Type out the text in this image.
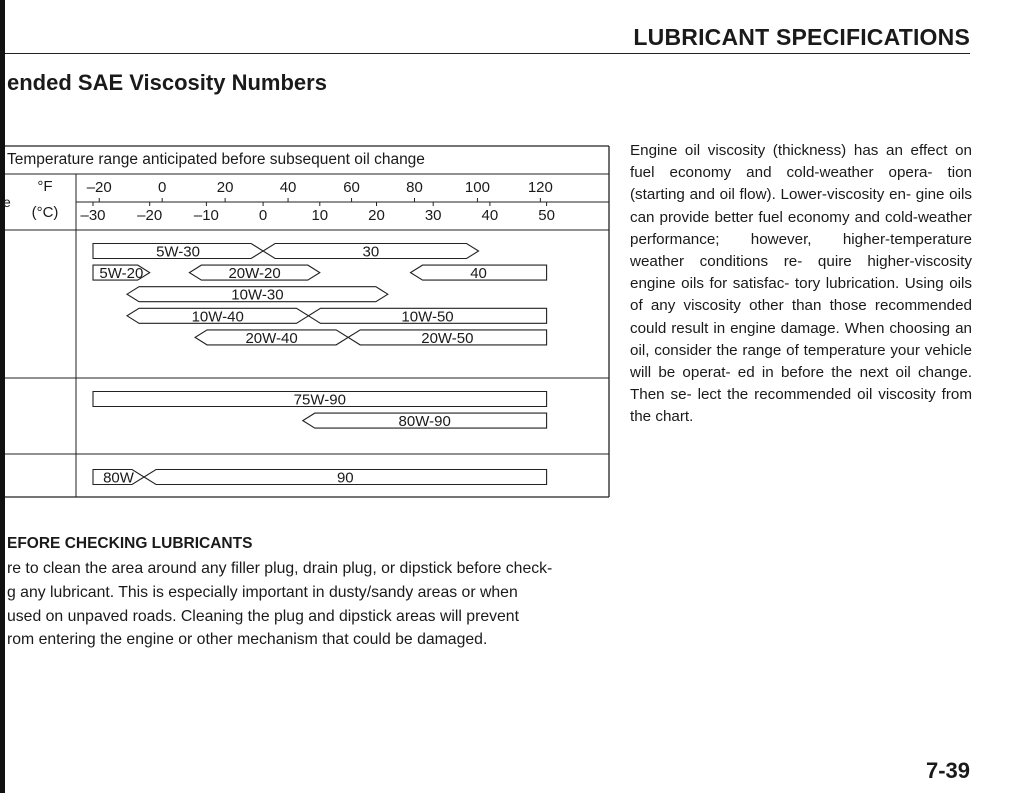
LUBRICANT SPECIFICATIONS
ended SAE Viscosity Numbers
Temperature range anticipated before subsequent oil change
e
°F
(°C)
–20	0	20	40	60	80	100	120
–30 –20 –10	0	10	20	30	40	50
5W-30	30
5W-20	20W-20	40
10W-30
10W-40	10W-50
20W-40	20W-50
75W-90
80W-90
80W	90

Engine oil viscosity (thickness) has an effect on fuel economy and cold-weather opera- tion (starting and oil flow). Lower-viscosity en- gine oils can provide better fuel economy and cold-weather performance; however, higher-temperature weather conditions re- quire higher-viscosity engine oils for satisfac- tory lubrication. Using oils of any viscosity other than those recommended could result in engine damage. When choosing an oil, consider the range of temperature your vehicle will be operat- ed in before the next oil change. Then se- lect the recommended oil viscosity from the chart.

EFORE CHECKING LUBRICANTS
re to clean the area around any filler plug, drain plug, or dipstick before check-
g any lubricant. This is especially important in dusty/sandy areas or when
used on unpaved roads. Cleaning the plug and dipstick areas will prevent
rom entering the engine or other mechanism that could be damaged.
7-39
